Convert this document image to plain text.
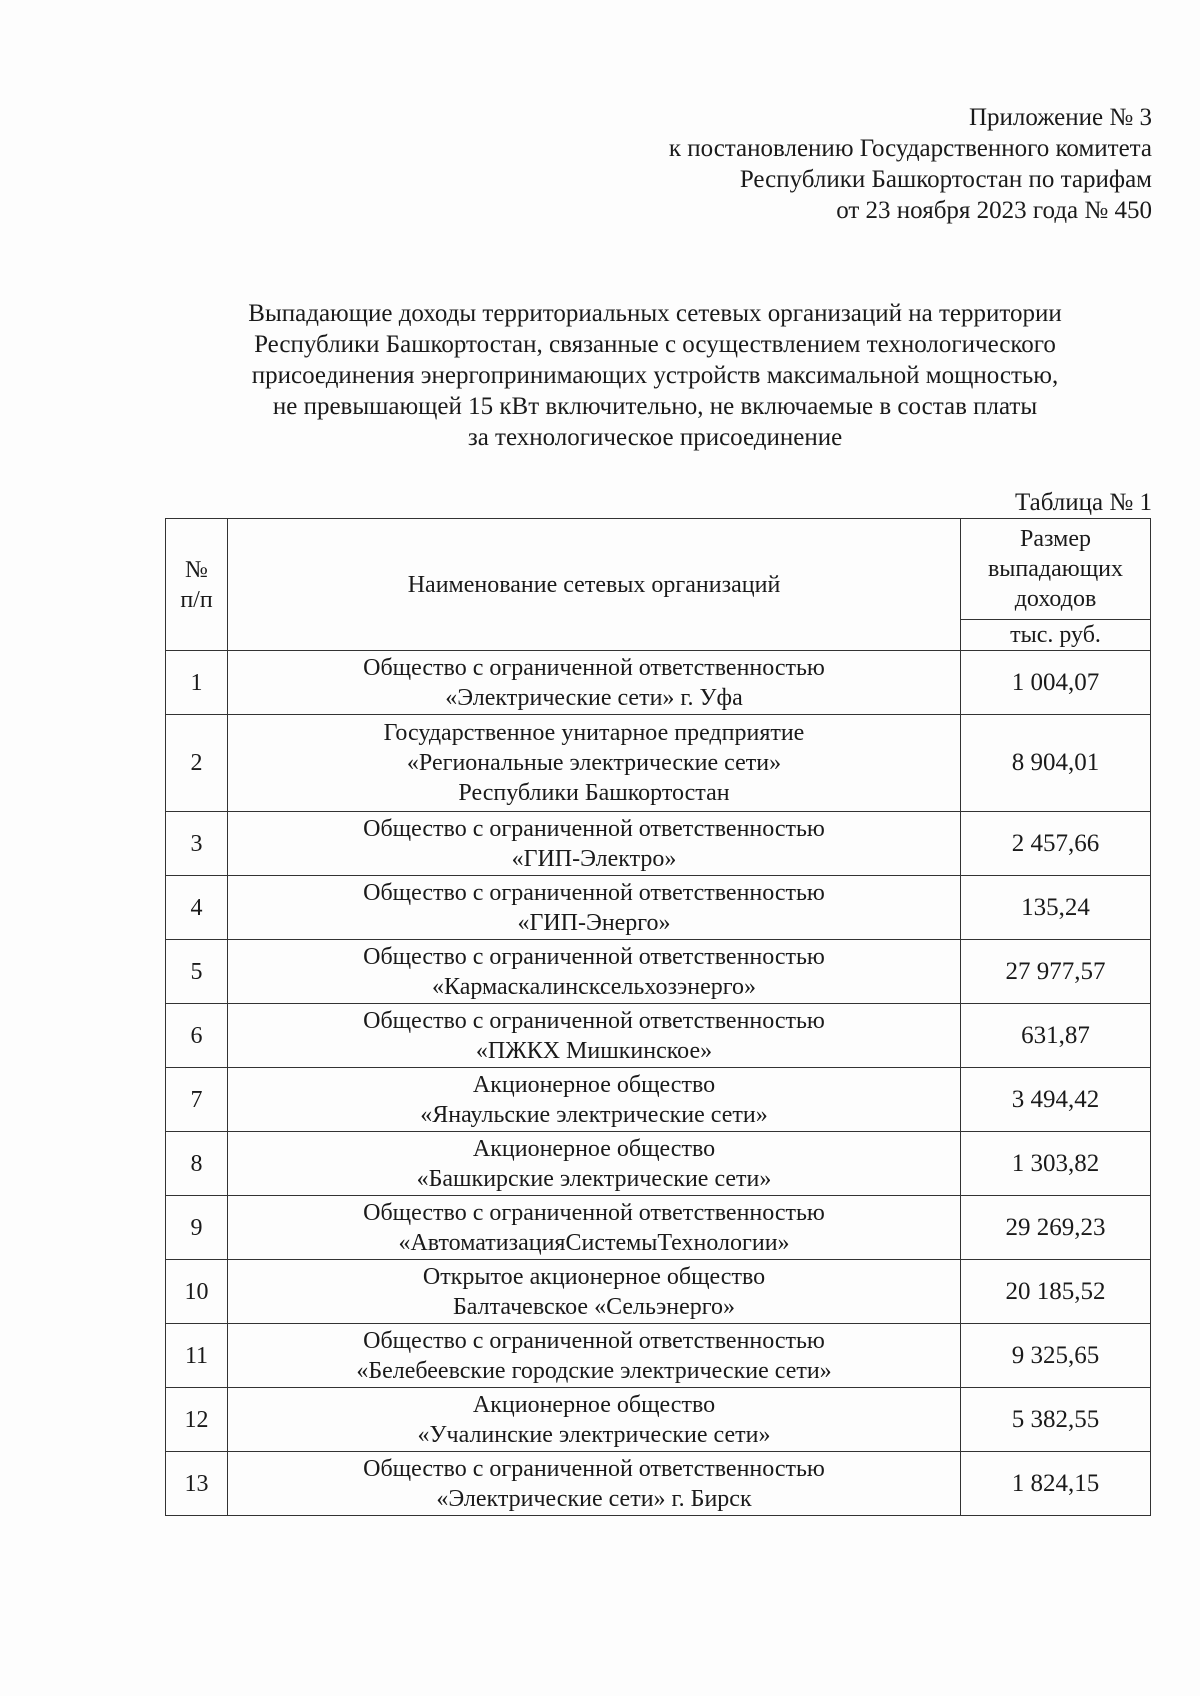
Приложение № 3
к постановлению Государственного комитета
Республики Башкортостан по тарифам
от 23 ноября 2023 года № 450
Выпадающие доходы территориальных сетевых организаций на территории
Республики Башкортостан, связанные с осуществлением технологического
присоединения энергопринимающих устройств максимальной мощностью,
не превышающей 15 кВт включительно, не включаемые в состав платы
за технологическое присоединение
Таблица № 1
№
п/п	Наименование сетевых организаций	Размер
выпадающих
доходов

		тыс. руб.
1	Общество с ограниченной ответственностью
«Электрические сети» г. Уфа	1 004,07
2	Государственное унитарное предприятие
«Региональные электрические сети»
Республики Башкортостан	8 904,01
3	Общество с ограниченной ответственностью
«ГИП-Электро»	2 457,66
4	Общество с ограниченной ответственностью
«ГИП-Энерго»	135,24
5	Общество с ограниченной ответственностью
«Кармаскалинсксельхозэнерго»	27 977,57
6	Общество с ограниченной ответственностью
«ПЖКХ Мишкинское»	631,87
7	Акционерное общество
«Янаульские электрические сети»	3 494,42
8	Акционерное общество
«Башкирские электрические сети»	1 303,82
9	Общество с ограниченной ответственностью
«АвтоматизацияСистемыТехнологии»	29 269,23
10	Открытое акционерное общество
Балтачевское «Сельэнерго»	20 185,52
11	Общество с ограниченной ответственностью
«Белебеевские городские электрические сети»	9 325,65
12	Акционерное общество
«Учалинские электрические сети»	5 382,55
13	Общество с ограниченной ответственностью
«Электрические сети» г. Бирск	1 824,15
